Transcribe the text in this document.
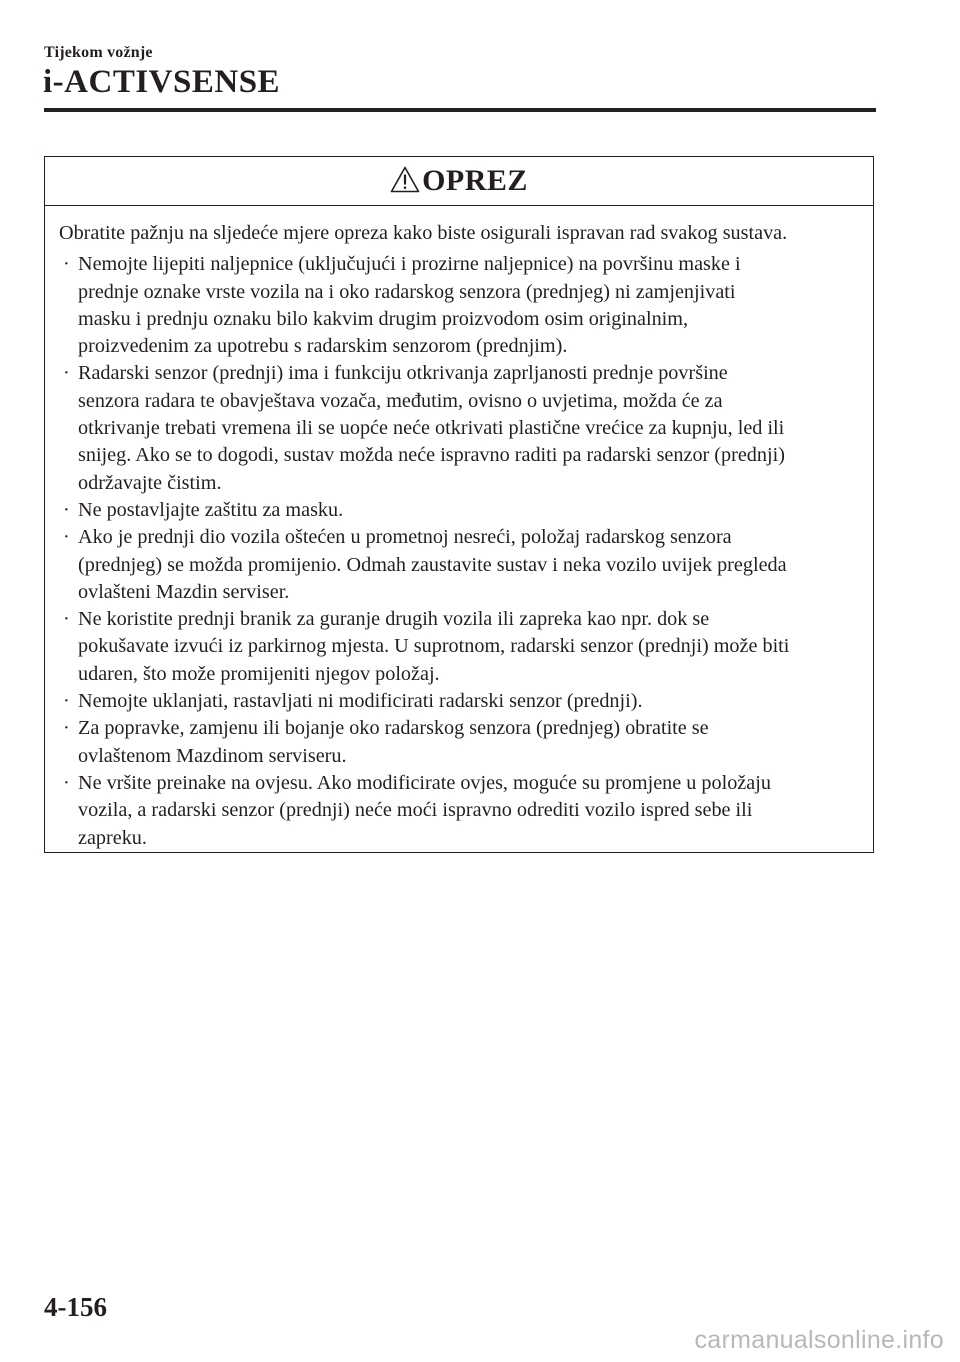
Tijekom vožnje
i-ACTIVSENSE
OPREZ

Obratite pažnju na sljedeće mjere opreza kako biste osigurali ispravan rad svakog sustava.

· Nemojte lijepiti naljepnice (uključujući i prozirne naljepnice) na površinu maske i
prednje oznake vrste vozila na i oko radarskog senzora (prednjeg) ni zamjenjivati
masku i prednju oznaku bilo kakvim drugim proizvodom osim originalnim,
proizvedenim za upotrebu s radarskim senzorom (prednjim).
· Radarski senzor (prednji) ima i funkciju otkrivanja zaprljanosti prednje površine
senzora radara te obavještava vozača, međutim, ovisno o uvjetima, možda će za
otkrivanje trebati vremena ili se uopće neće otkrivati plastične vrećice za kupnju, led ili
snijeg. Ako se to dogodi, sustav možda neće ispravno raditi pa radarski senzor (prednji)
održavajte čistim.
· Ne postavljajte zaštitu za masku.
· Ako je prednji dio vozila oštećen u prometnoj nesreći, položaj radarskog senzora
(prednjeg) se možda promijenio. Odmah zaustavite sustav i neka vozilo uvijek pregleda
ovlašteni Mazdin serviser.
· Ne koristite prednji branik za guranje drugih vozila ili zapreka kao npr. dok se
pokušavate izvući iz parkirnog mjesta. U suprotnom, radarski senzor (prednji) može biti
udaren, što može promijeniti njegov položaj.
· Nemojte uklanjati, rastavljati ni modificirati radarski senzor (prednji).
· Za popravke, zamjenu ili bojanje oko radarskog senzora (prednjeg) obratite se
ovlaštenom Mazdinom serviseru.
· Ne vršite preinake na ovjesu. Ako modificirate ovjes, moguće su promjene u položaju
vozila, a radarski senzor (prednji) neće moći ispravno odrediti vozilo ispred sebe ili
zapreku.
4-156
carmanualsonline.info
